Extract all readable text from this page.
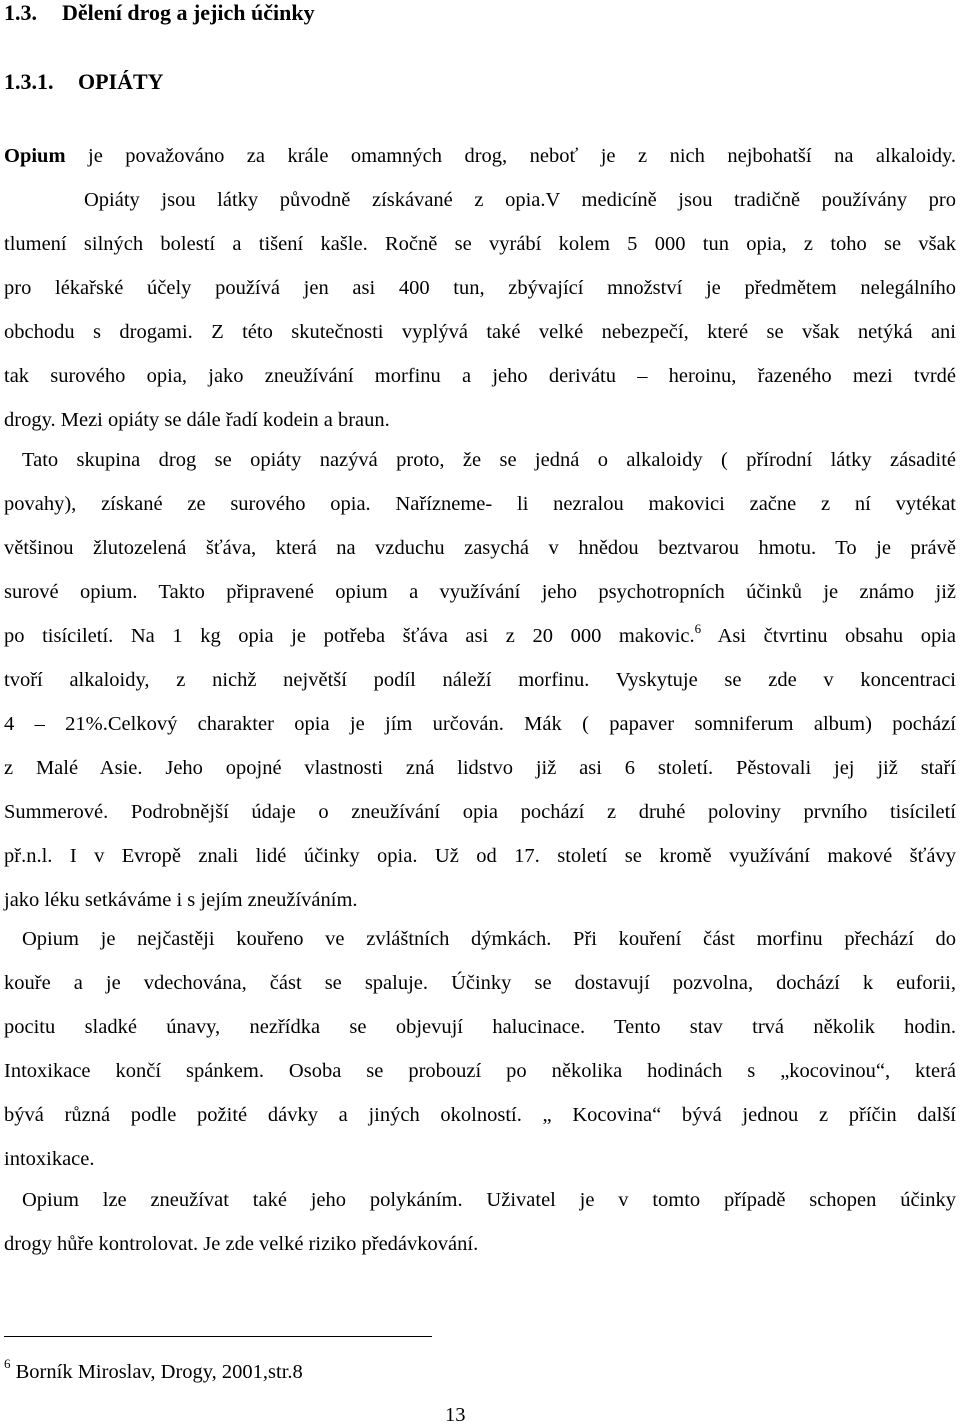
1.3. Dělení drog a jejich účinky
1.3.1. OPIÁTY
Opium je považováno za krále omamných drog, neboť je z nich nejbohatší na alkaloidy.
Opiáty jsou látky původně získávané z opia.V medicíně jsou tradičně používány pro
tlumení silných bolestí a tišení kašle. Ročně se vyrábí kolem 5 000 tun opia, z toho se však
pro lékařské účely používá jen asi 400 tun, zbývající množství je předmětem nelegálního
obchodu s drogami. Z této skutečnosti vyplývá také velké nebezpečí, které se však netýká ani
tak surového opia, jako zneužívání morfinu a jeho derivátu – heroinu, řazeného mezi tvrdé
drogy. Mezi opiáty se dále řadí kodein a braun.
Tato skupina drog se opiáty nazývá proto, že se jedná o alkaloidy ( přírodní látky zásadité
povahy), získané ze surového opia. Nařízneme- li nezralou makovici začne z ní vytékat
většinou žlutozelená šťáva, která na vzduchu zasychá v hnědou beztvarou hmotu. To je právě
surové opium. Takto připravené opium a využívání jeho psychotropních účinků je známo již
po tisíciletí. Na 1 kg opia je potřeba šťáva asi z 20 000 makovic.$^6$ Asi čtvrtinu obsahu opia
tvoří alkaloidy, z nichž největší podíl náleží morfinu. Vyskytuje se zde v koncentraci
4 – 21%.Celkový charakter opia je jím určován. Mák ( papaver somniferum album) pochází
z Malé Asie. Jeho opojné vlastnosti zná lidstvo již asi 6 století. Pěstovali jej již staří
Summerové. Podrobnější údaje o zneužívání opia pochází z druhé poloviny prvního tisíciletí
př.n.l. I v Evropě znali lidé účinky opia. Už od 17. století se kromě využívání makové šťávy
jako léku setkáváme i s jejím zneužíváním.
Opium je nejčastěji kouřeno ve zvláštních dýmkách. Při kouření část morfinu přechází do
kouře a je vdechována, část se spaluje. Účinky se dostavují pozvolna, dochází k euforii,
pocitu sladké únavy, nezřídka se objevují halucinace. Tento stav trvá několik hodin.
Intoxikace končí spánkem. Osoba se probouzí po několika hodinách s „kocovinou“, která
bývá různá podle požité dávky a jiných okolností. „ Kocovina“ bývá jednou z příčin další
intoxikace.
Opium lze zneužívat také jeho polykáním. Uživatel je v tomto případě schopen účinky
drogy hůře kontrolovat. Je zde velké riziko předávkování.
$^6$ Borník Miroslav, Drogy, 2001,str.8
13
